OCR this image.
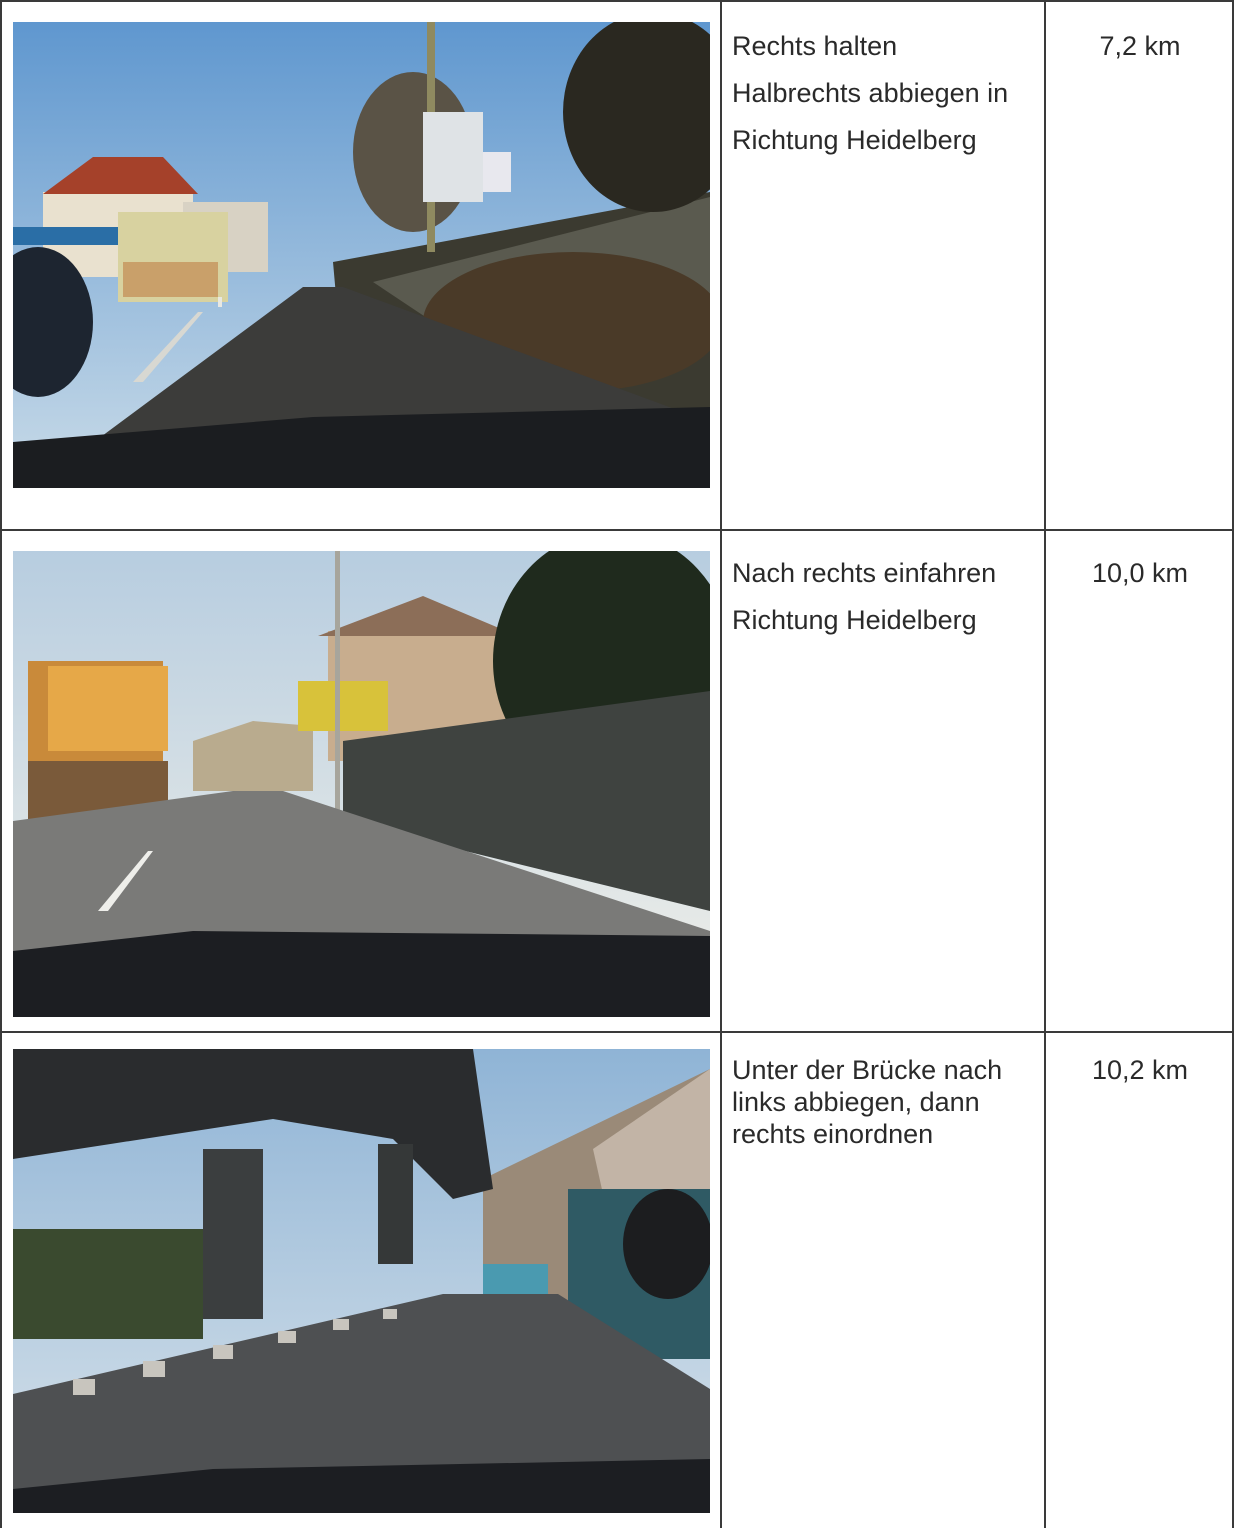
Rechts halten

Halbrechts abbiegen in

Richtung Heidelberg

7,2 km

Nach rechts einfahren

Richtung Heidelberg

10,0 km

Unter der Brücke nach links abbiegen, dann rechts einordnen

10,2 km
